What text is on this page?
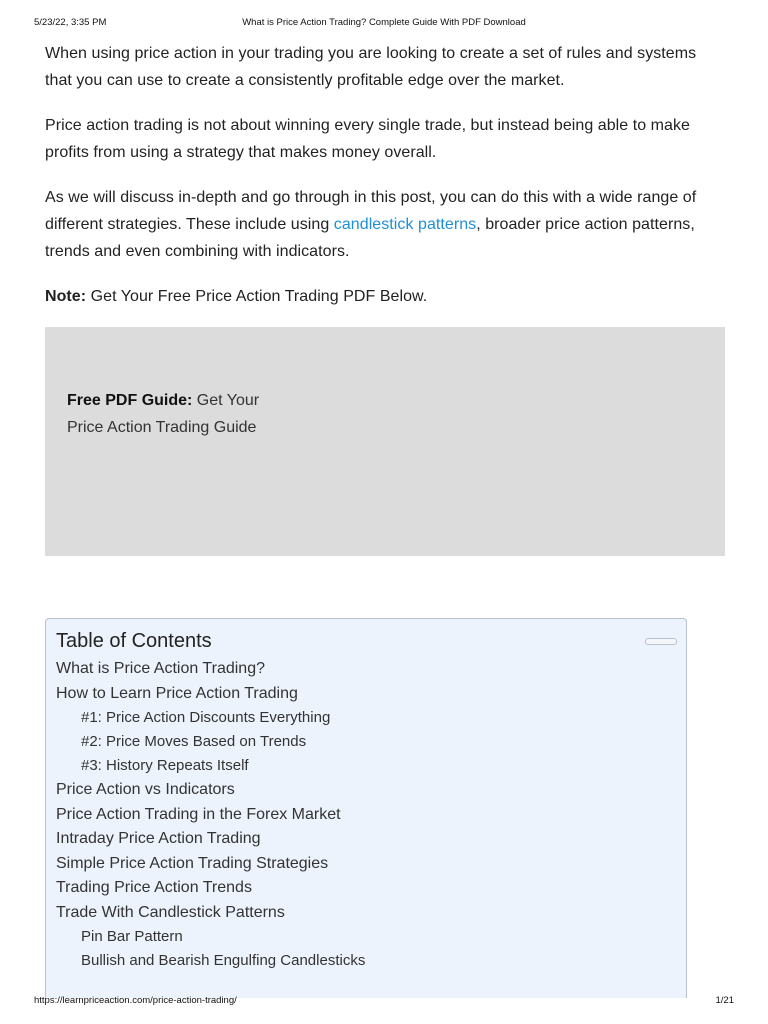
5/23/22, 3:35 PM	What is Price Action Trading? Complete Guide With PDF Download

When using price action in your trading you are looking to create a set of rules and systems that you can use to create a consistently profitable edge over the market.

Price action trading is not about winning every single trade, but instead being able to make profits from using a strategy that makes money overall.

As we will discuss in-depth and go through in this post, you can do this with a wide range of different strategies. These include using candlestick patterns, broader price action patterns, trends and even combining with indicators.

Note: Get Your Free Price Action Trading PDF Below.

Free PDF Guide: Get Your
Price Action Trading Guide
Table of Contents
What is Price Action Trading?
How to Learn Price Action Trading
#1: Price Action Discounts Everything
#2: Price Moves Based on Trends
#3: History Repeats Itself
Price Action vs Indicators
Price Action Trading in the Forex Market
Intraday Price Action Trading
Simple Price Action Trading Strategies
Trading Price Action Trends
Trade With Candlestick Patterns
Pin Bar Pattern
Bullish and Bearish Engulfing Candlesticks
https://learnpriceaction.com/price-action-trading/	1/21
